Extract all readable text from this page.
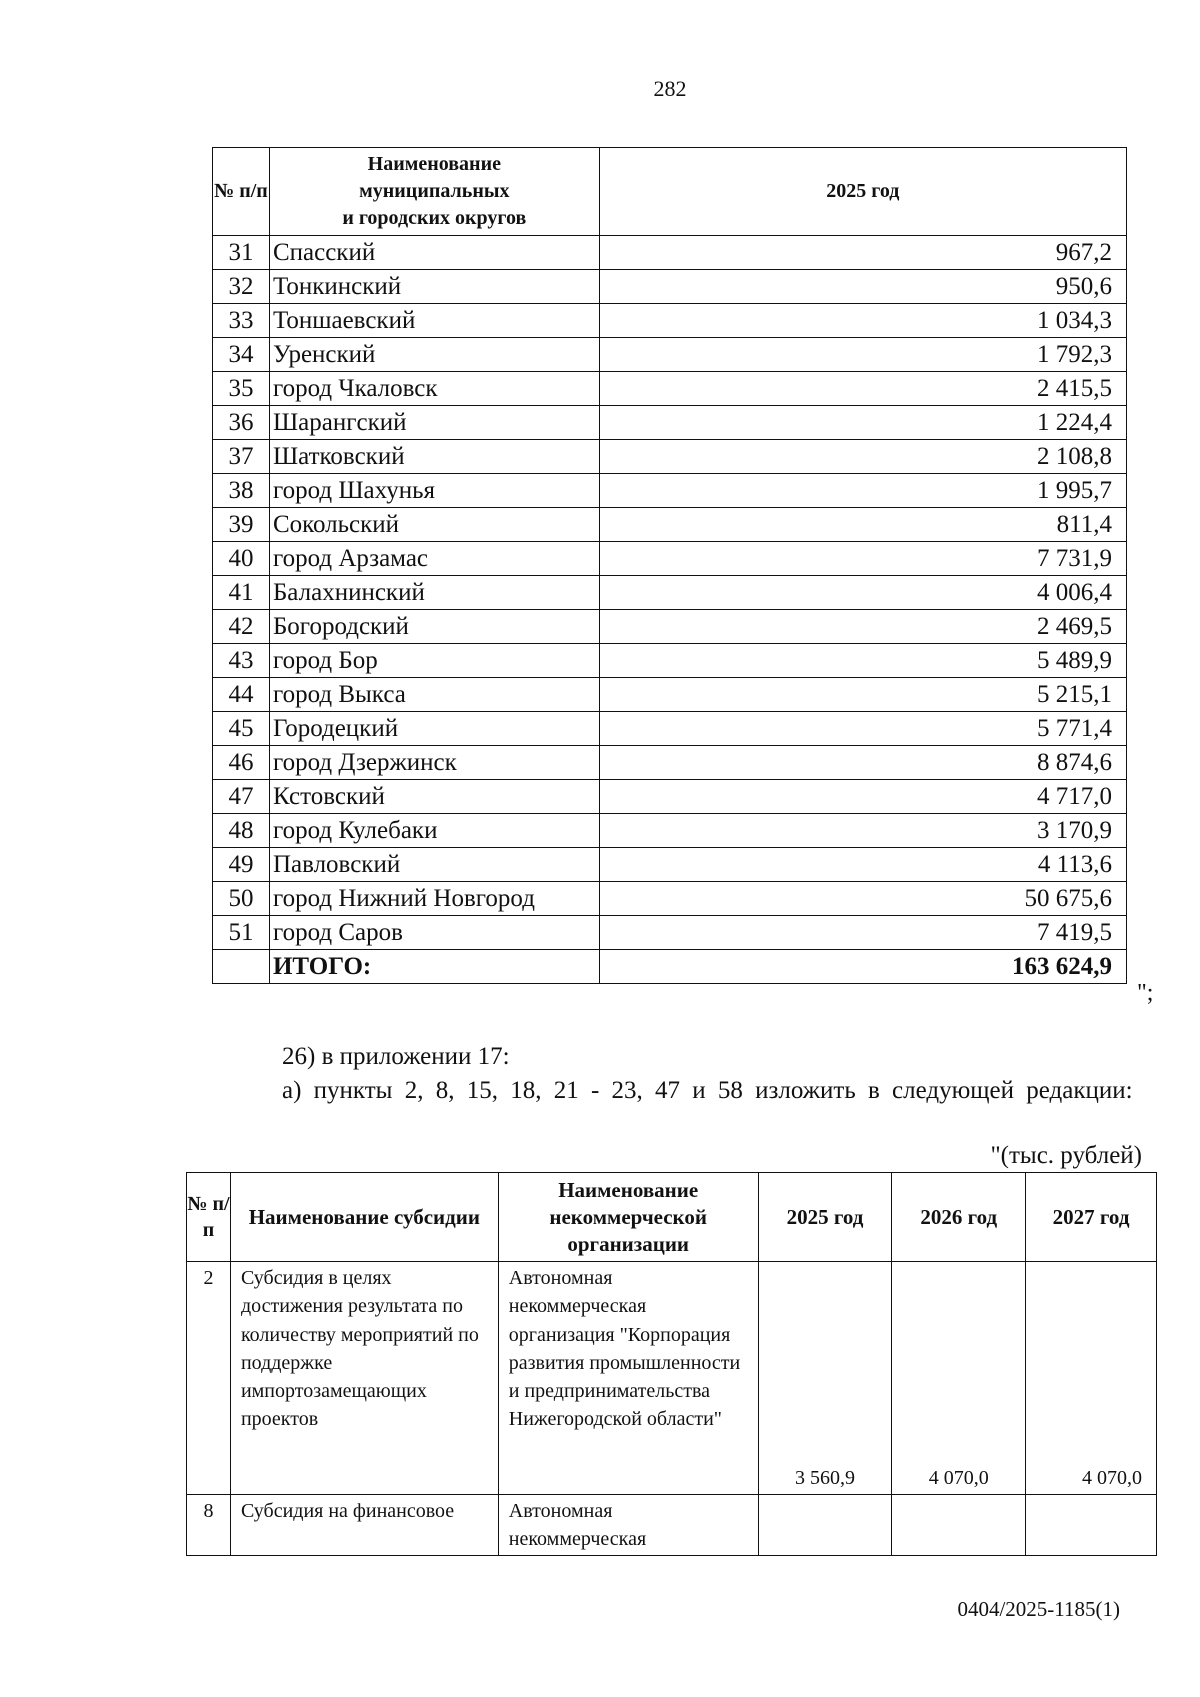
282
№ п/п	Наименование
муниципальных
и городских округов	2025 год
31	Спасский	967,2
32	Тонкинский	950,6
33	Тоншаевский	1 034,3
34	Уренский	1 792,3
35	город Чкаловск	2 415,5
36	Шарангский	1 224,4
37	Шатковский	2 108,8
38	город Шахунья	1 995,7
39	Сокольский	811,4
40	город Арзамас	7 731,9
41	Балахнинский	4 006,4
42	Богородский	2 469,5
43	город Бор	5 489,9
44	город Выкса	5 215,1
45	Городецкий	5 771,4
46	город Дзержинск	8 874,6
47	Кстовский	4 717,0
48	город Кулебаки	3 170,9
49	Павловский	4 113,6
50	город Нижний Новгород	50 675,6
51	город Саров	7 419,5
	ИТОГО:	163 624,9
";
26) в приложении 17:
а) пункты 2, 8, 15, 18, 21 - 23, 47 и 58 изложить в следующей редакции:
"(тыс. рублей)
№ п/п	Наименование субсидии	Наименование некоммерческой организации	2025 год	2026 год	2027 год
2	Субсидия в целях достижения результата по количеству мероприятий по поддержке импортозамещающих проектов	Автономная некоммерческая организация "Корпорация развития промышленности и предпринимательства Нижегородской области"	3 560,9	4 070,0	4 070,0
8	Субсидия на финансовое	Автономная некоммерческая			
0404/2025-1185(1)
